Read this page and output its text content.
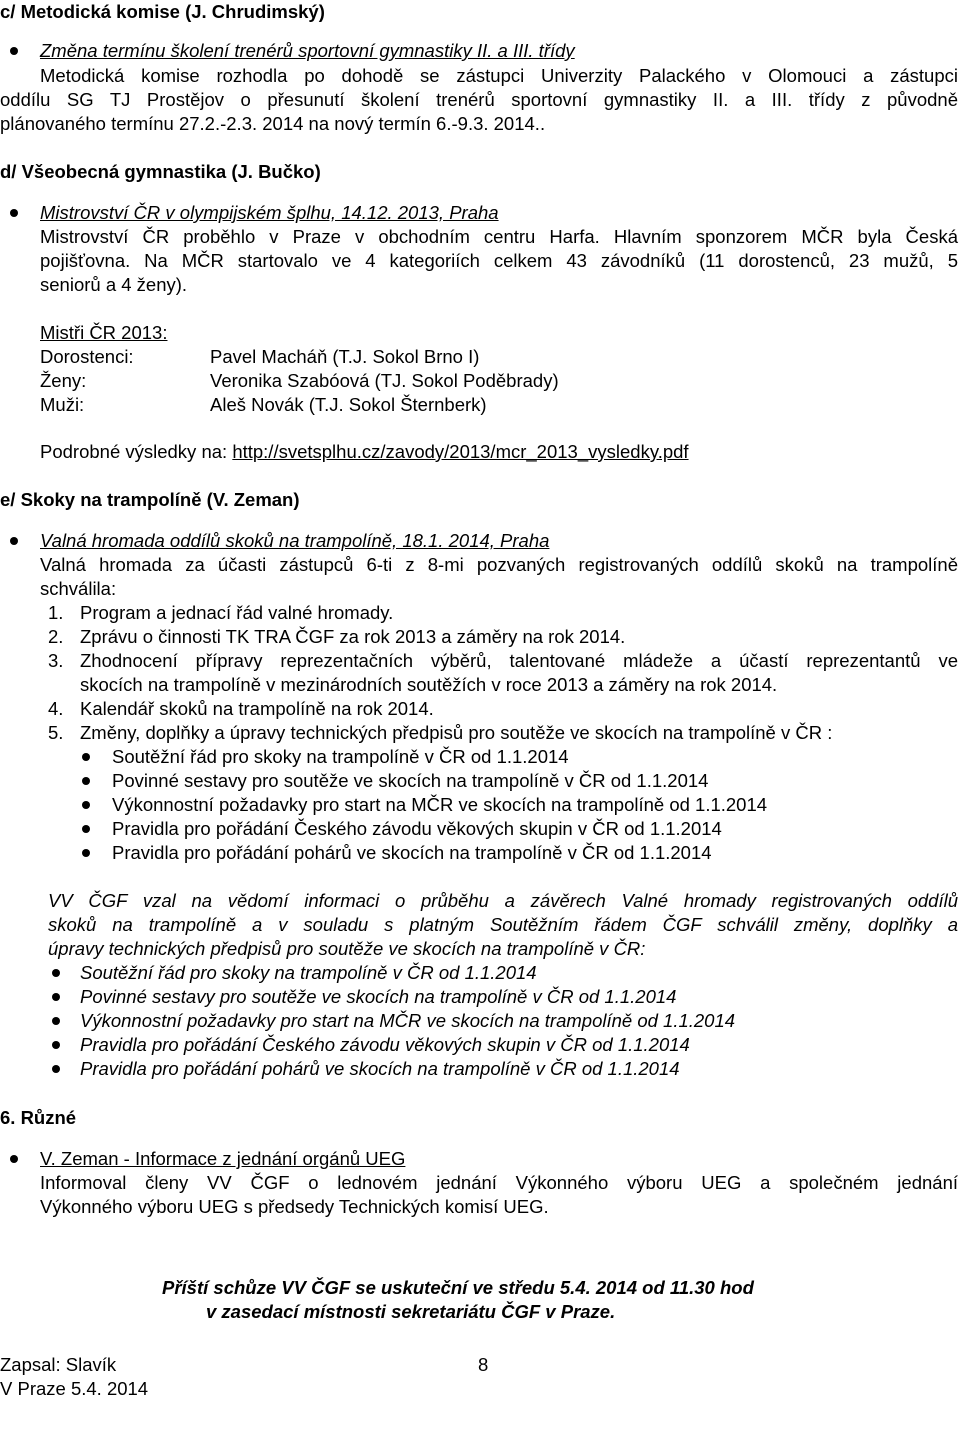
c/ Metodická komise (J. Chrudimský)
Změna termínu školení trenérů sportovní gymnastiky II. a III. třídy
Metodická komise rozhodla po dohodě se zástupci Univerzity Palackého v Olomouci a zástupci
oddílu SG TJ Prostějov o přesunutí školení trenérů sportovní gymnastiky II. a III. třídy z původně
plánovaného termínu 27.2.-2.3. 2014 na nový termín 6.-9.3. 2014..
d/ Všeobecná gymnastika (J. Bučko)
Mistrovství ČR v olympijském šplhu, 14.12. 2013, Praha
Mistrovství ČR proběhlo v Praze v obchodním centru Harfa. Hlavním sponzorem MČR byla Česká
pojišťovna. Na MČR startovalo ve 4 kategoriích celkem 43 závodníků (11 dorostenců, 23 mužů, 5
seniorů a 4 ženy).
Mistři ČR 2013:
Dorostenci:	Pavel Macháň (T.J. Sokol Brno I)
Ženy:	Veronika Szabóová (TJ. Sokol Poděbrady)
Muži:	Aleš Novák (T.J. Sokol Šternberk)
Podrobné výsledky na: http://svetsplhu.cz/zavody/2013/mcr_2013_vysledky.pdf
e/ Skoky na trampolíně (V. Zeman)
Valná hromada oddílů skoků na trampolíně, 18.1. 2014, Praha
Valná hromada za účasti zástupců 6-ti z 8-mi pozvaných registrovaných oddílů skoků na trampolíně
schválila:
1. Program a jednací řád valné hromady.
2. Zprávu o činnosti TK TRA ČGF za rok 2013 a záměry na rok 2014.
3. Zhodnocení přípravy reprezentačních výběrů, talentované mládeže a účastí reprezentantů ve
skocích na trampolíně v mezinárodních soutěžích v roce 2013 a záměry na rok 2014.
4. Kalendář skoků na trampolíně na rok 2014.
5. Změny, doplňky a úpravy technických předpisů pro soutěže ve skocích na trampolíně v ČR :
Soutěžní řád pro skoky na trampolíně v ČR od 1.1.2014
Povinné sestavy pro soutěže ve skocích na trampolíně v ČR od 1.1.2014
Výkonnostní požadavky pro start na MČR ve skocích na trampolíně od 1.1.2014
Pravidla pro pořádání Českého závodu věkových skupin v ČR od 1.1.2014
Pravidla pro pořádání pohárů ve skocích na trampolíně v ČR od 1.1.2014
VV ČGF vzal na vědomí informaci o průběhu a závěrech Valné hromady registrovaných oddílů
skoků na trampolíně a v souladu s platným Soutěžním řádem ČGF schválil změny, doplňky a
úpravy technických předpisů pro soutěže ve skocích na trampolíně v ČR:
Soutěžní řád pro skoky na trampolíně v ČR od 1.1.2014
Povinné sestavy pro soutěže ve skocích na trampolíně v ČR od 1.1.2014
Výkonnostní požadavky pro start na MČR ve skocích na trampolíně od 1.1.2014
Pravidla pro pořádání Českého závodu věkových skupin v ČR od 1.1.2014
Pravidla pro pořádání pohárů ve skocích na trampolíně v ČR od 1.1.2014
6. Různé
V. Zeman - Informace z jednání orgánů UEG
Informoval členy VV ČGF o lednovém jednání Výkonného výboru UEG a společném jednání
Výkonného výboru UEG s předsedy Technických komisí UEG.
Příští schůze VV ČGF se uskuteční ve středu 5.4. 2014 od 11.30 hod
v zasedací místnosti sekretariátu ČGF v Praze.
Zapsal: Slavík	8
V Praze 5.4. 2014
